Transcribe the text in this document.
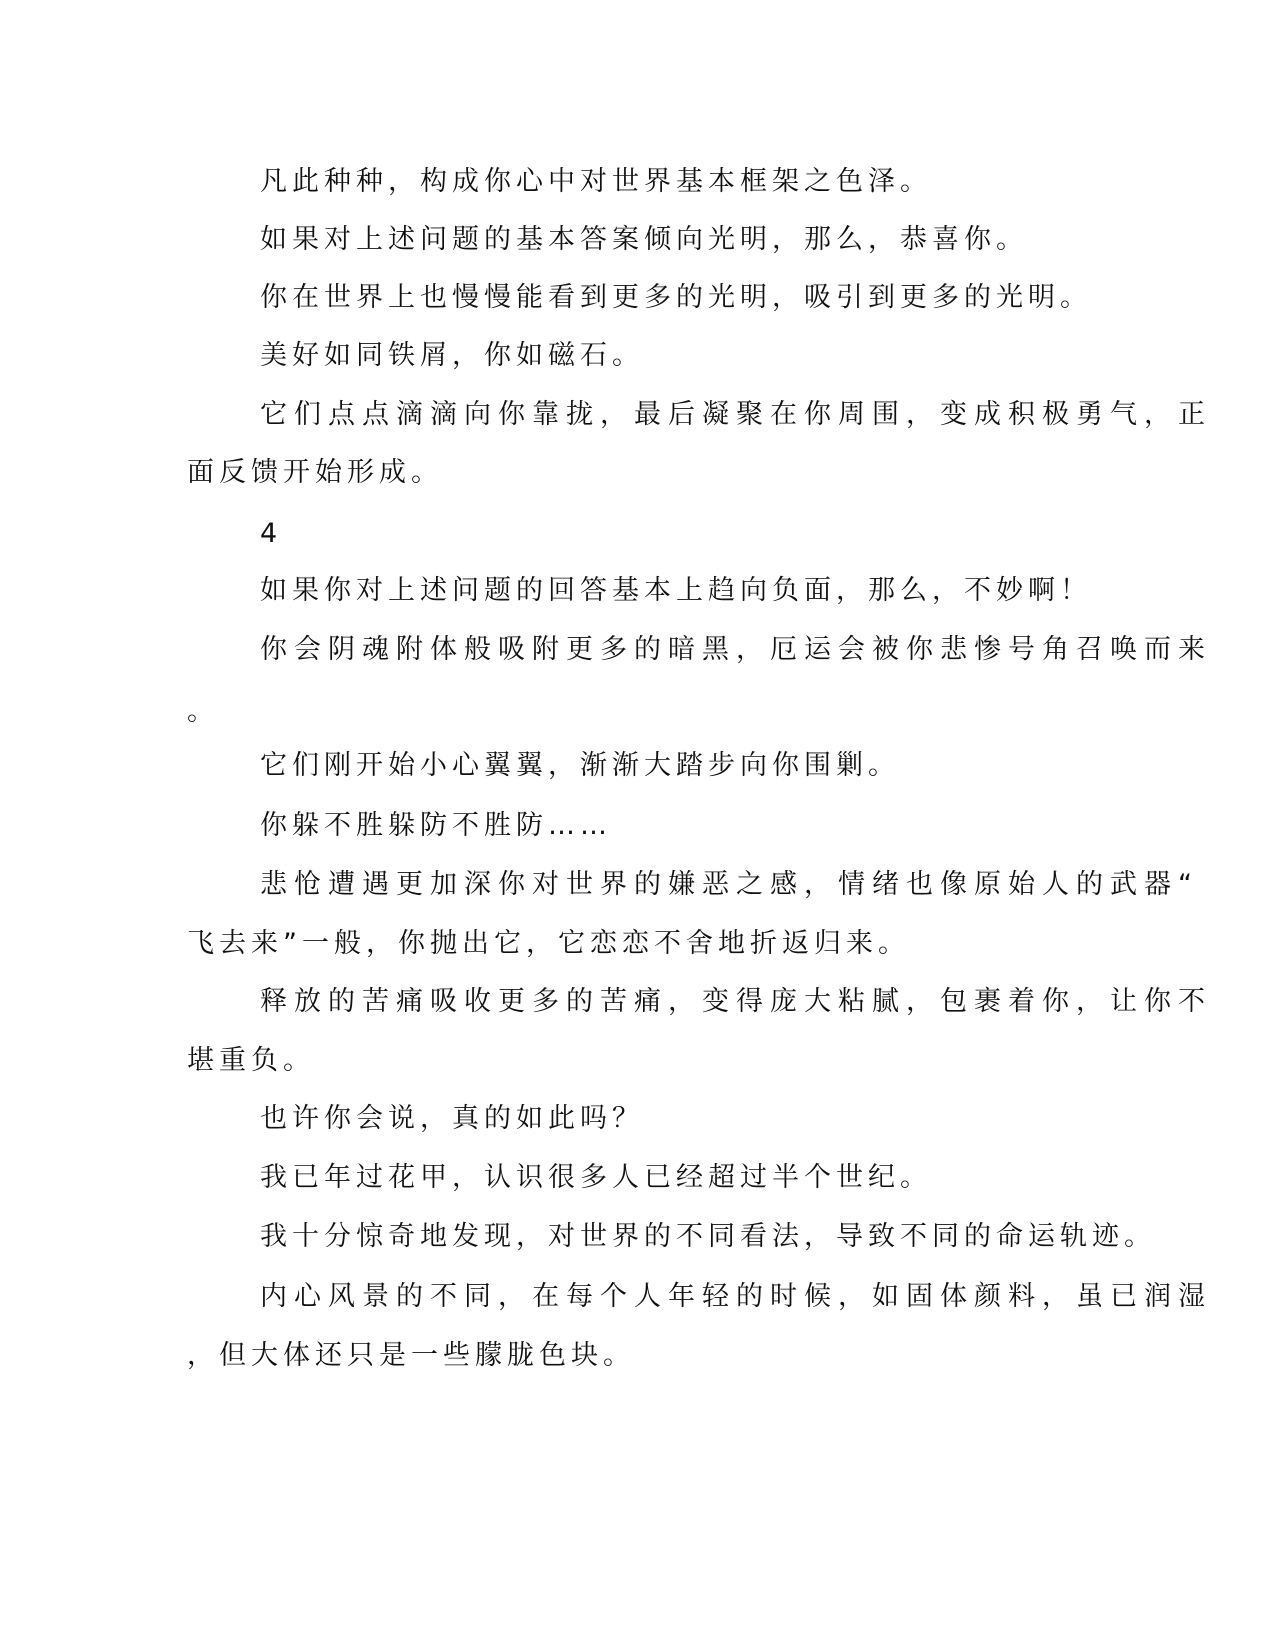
凡此种种，构成你心中对世界基本框架之色泽。
如果对上述问题的基本答案倾向光明，那么，恭喜你。
你在世界上也慢慢能看到更多的光明，吸引到更多的光明。
美好如同铁屑，你如磁石。
它们点点滴滴向你靠拢，最后凝聚在你周围，变成积极勇气，正
面反馈开始形成。
4
如果你对上述问题的回答基本上趋向负面，那么，不妙啊！
你会阴魂附体般吸附更多的暗黑，厄运会被你悲惨号角召唤而来
。
它们刚开始小心翼翼，渐渐大踏步向你围剿。
你躲不胜躲防不胜防……
悲怆遭遇更加深你对世界的嫌恶之感，情绪也像原始人的武器“
飞去来”一般，你抛出它，它恋恋不舍地折返归来。
释放的苦痛吸收更多的苦痛，变得庞大粘腻，包裹着你，让你不
堪重负。
也许你会说，真的如此吗？
我已年过花甲，认识很多人已经超过半个世纪。
我十分惊奇地发现，对世界的不同看法，导致不同的命运轨迹。
内心风景的不同，在每个人年轻的时候，如固体颜料，虽已润湿
，但大体还只是一些朦胧色块。
